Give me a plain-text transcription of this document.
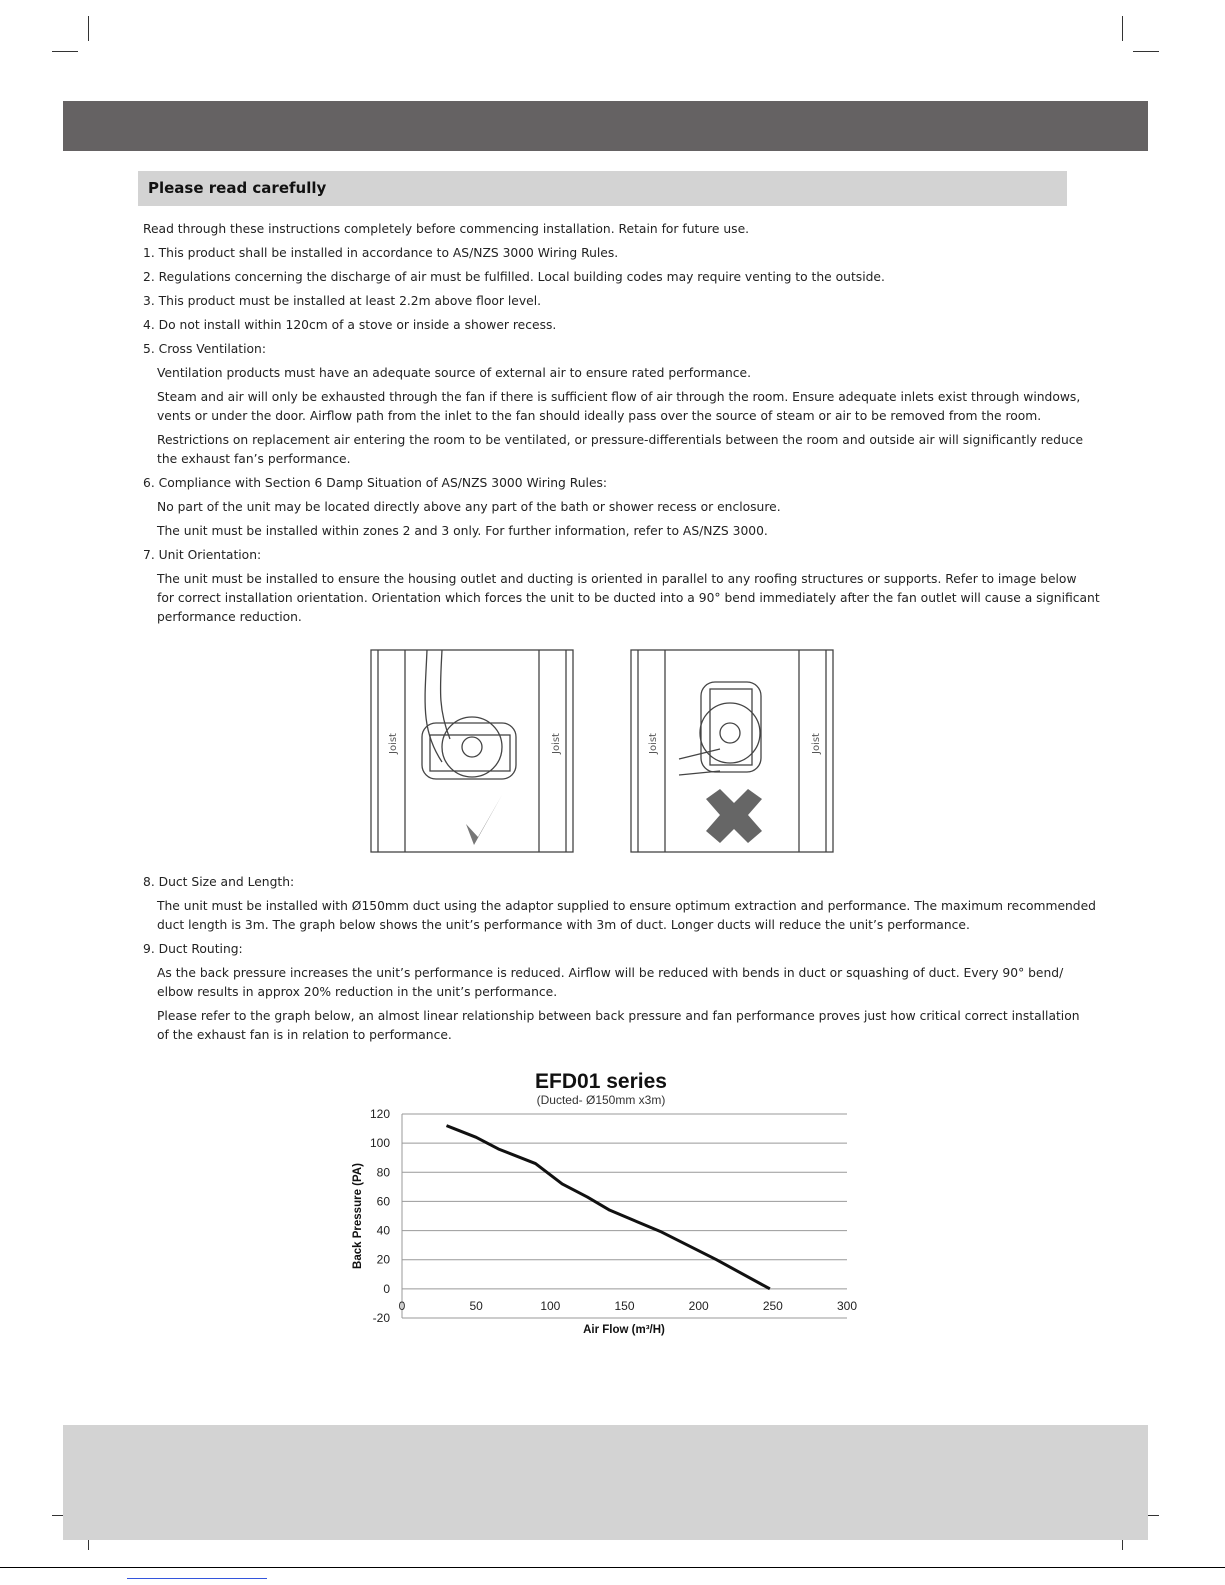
Please read carefully
Read through these instructions completely before commencing installation. Retain for future use.
1. This product shall be installed in accordance to AS/NZS 3000 Wiring Rules.
2. Regulations concerning the discharge of air must be fulfilled. Local building codes may require venting to the outside.
3. This product must be installed at least 2.2m above floor level.
4. Do not install within 120cm of a stove or inside a shower recess.
5. Cross Ventilation:
Ventilation products must have an adequate source of external air to ensure rated performance.
Steam and air will only be exhausted through the fan if there is sufficient flow of air through the room. Ensure adequate inlets exist through windows,
vents or under the door. Airflow path from the inlet to the fan should ideally pass over the source of steam or air to be removed from the room.
Restrictions on replacement air entering the room to be ventilated, or pressure-differentials between the room and outside air will significantly reduce
the exhaust fan’s performance.
6. Compliance with Section 6 Damp Situation of AS/NZS 3000 Wiring Rules:
No part of the unit may be located directly above any part of the bath or shower recess or enclosure.
The unit must be installed within zones 2 and 3 only. For further information, refer to AS/NZS 3000.
7. Unit Orientation:
The unit must be installed to ensure the housing outlet and ducting is oriented in parallel to any roofing structures or supports. Refer to image below
for correct installation orientation. Orientation which forces the unit to be ducted into a 90° bend immediately after the fan outlet will cause a significant
performance reduction.
Joist	Joist	Joist	Joist
8. Duct Size and Length:
The unit must be installed with Ø150mm duct using the adaptor supplied to ensure optimum extraction and performance. The maximum recommended
duct length is 3m. The graph below shows the unit’s performance with 3m of duct. Longer ducts will reduce the unit’s performance.
9. Duct Routing:
As the back pressure increases the unit’s performance is reduced. Airflow will be reduced with bends in duct or squashing of duct. Every 90° bend/
elbow results in approx 20% reduction in the unit’s performance.
Please refer to the graph below, an almost linear relationship between back pressure and fan performance proves just how critical correct installation
of the exhaust fan is in relation to performance.
EFD01 series
(Ducted- Ø150mm x3m)
Air Flow (m³/H)
Back Pressure (PA)
120
100
80
60
40
20
0
-20
0	50	100	150	200	250	300
